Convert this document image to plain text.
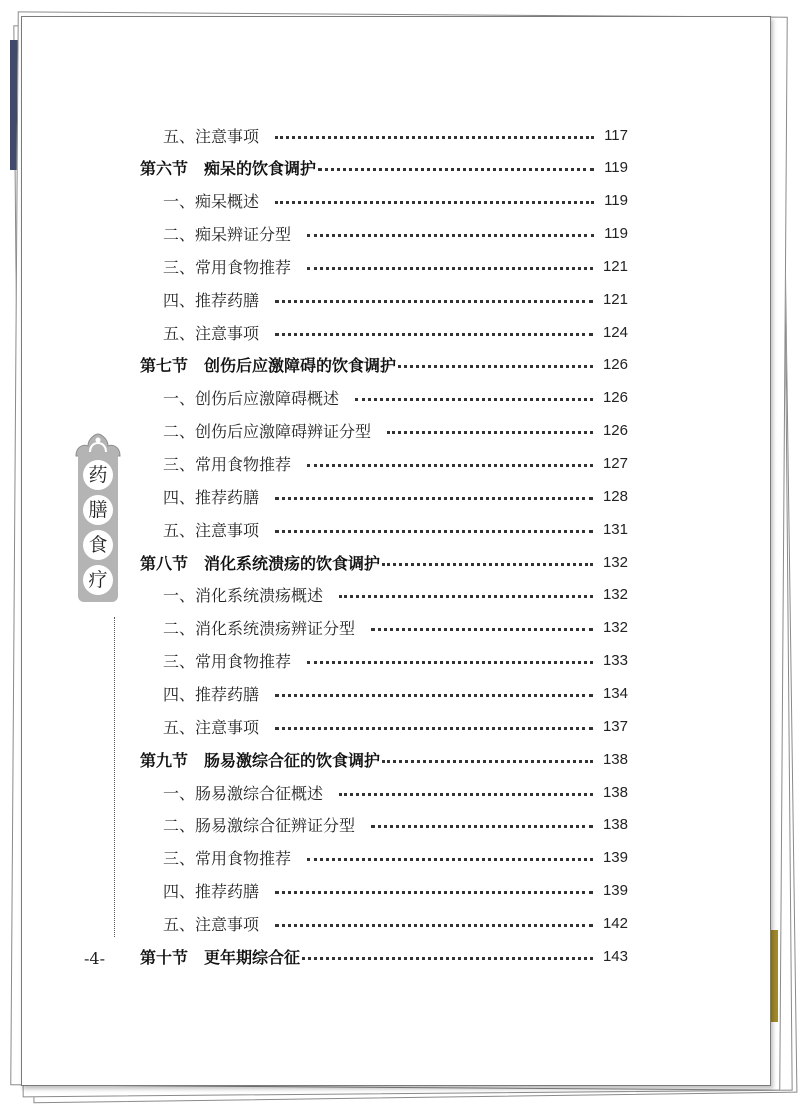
药
膳
食
疗
-4-
五、注意事项	117
第六节　痴呆的饮食调护	119
一、痴呆概述	119
二、痴呆辨证分型	119
三、常用食物推荐	121
四、推荐药膳	121
五、注意事项	124
第七节　创伤后应激障碍的饮食调护	126
一、创伤后应激障碍概述	126
二、创伤后应激障碍辨证分型	126
三、常用食物推荐	127
四、推荐药膳	128
五、注意事项	131
第八节　消化系统溃疡的饮食调护	132
一、消化系统溃疡概述	132
二、消化系统溃疡辨证分型	132
三、常用食物推荐	133
四、推荐药膳	134
五、注意事项	137
第九节　肠易激综合征的饮食调护	138
一、肠易激综合征概述	138
二、肠易激综合征辨证分型	138
三、常用食物推荐	139
四、推荐药膳	139
五、注意事项	142
第十节　更年期综合征	143
